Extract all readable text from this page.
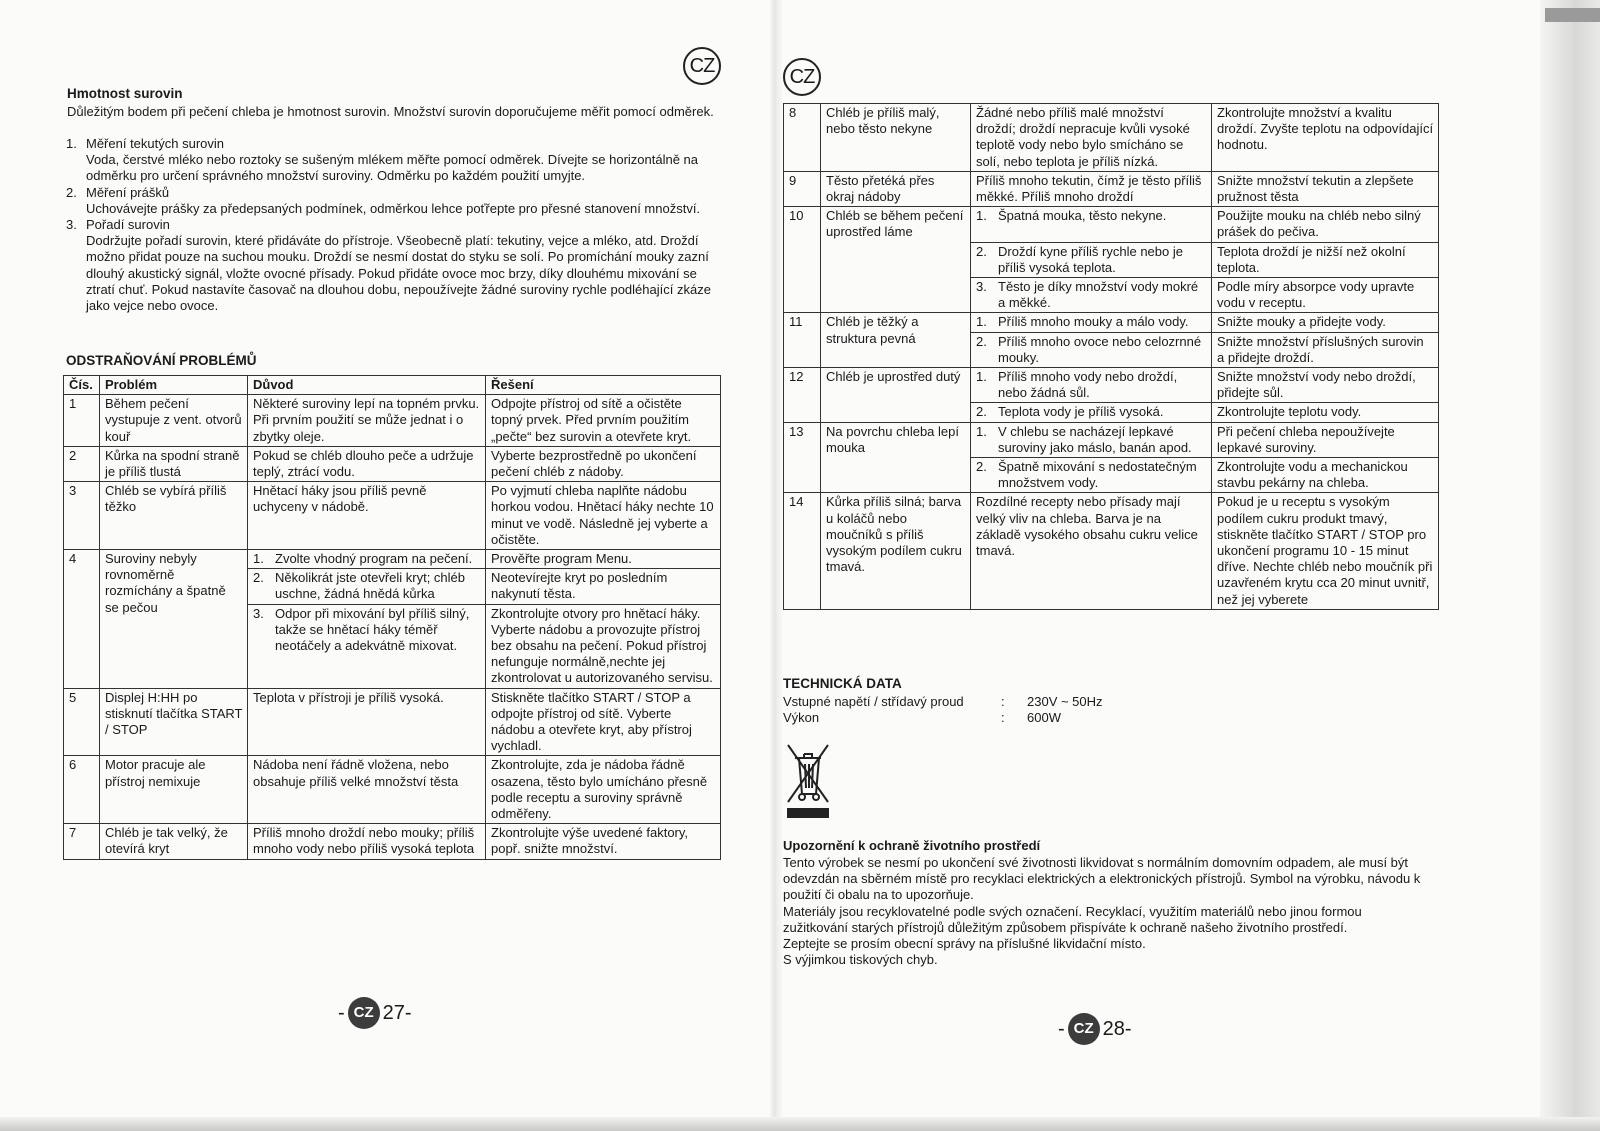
CZ
Hmotnost surovin
Důležitým bodem při pečení chleba je hmotnost surovin. Množství surovin doporučujeme měřit pomocí odměrek.
1. Měření tekutých surovin
Voda, čerstvé mléko nebo roztoky se sušeným mlékem měřte pomocí odměrek. Dívejte se horizontálně na odměrku pro určení správného množství suroviny. Odměrku po každém použití umyjte.
2. Měření prášků
Uchovávejte prášky za předepsaných podmínek, odměrkou lehce poťřepte pro přesné stanovení množství.
3. Pořadí surovin
Dodržujte pořadí surovin, které přidáváte do přístroje. Všeobecně platí: tekutiny, vejce a mléko, atd. Droždí možno přidat pouze na suchou mouku. Droždí se nesmí dostat do styku se solí. Po promíchání mouky zazní dlouhý akustický signál, vložte ovocné přísady. Pokud přidáte ovoce moc brzy, díky dlouhému mixování se ztratí chuť. Pokud nastavíte časovač na dlouhou dobu, nepoužívejte žádné suroviny rychle podléhající zkáze jako vejce nebo ovoce.
ODSTRAŇOVÁNÍ PROBLÉMŮ
Čís.	Problém	Důvod	Řešení
1	Během pečení vystupuje z vent. otvorů kouř	Některé suroviny lepí na topném prvku. Při prvním použití se může jednat i o zbytky oleje.	Odpojte přístroj od sítě a očistěte topný prvek. Před prvním použitím „pečte“ bez surovin a otevřete kryt.
2	Kůrka na spodní straně je příliš tlustá	Pokud se chléb dlouho peče a udržuje teplý, ztrácí vodu.	Vyberte bezprostředně po ukončení pečení chléb z nádoby.
3	Chléb se vybírá příliš těžko	Hnětací háky jsou příliš pevně uchyceny v nádobě.	Po vyjmutí chleba naplňte nádobu horkou vodou. Hnětací háky nechte 10 minut ve vodě. Následně jej vyberte a očistěte.
4	Suroviny nebyly rovnoměrně rozmíchány a špatně se pečou	1. Zvolte vhodný program na pečení.	Prověřte program Menu.

		2. Několikrát jste otevřeli kryt; chléb uschne, žádná hnědá kůrka	Neotevírejte kryt po posledním nakynutí těsta.

		3. Odpor při mixování byl příliš silný, takže se hnětací háky téměř neotáčely a adekvátně mixovat.	Zkontrolujte otvory pro hnětací háky. Vyberte nádobu a provozujte přístroj bez obsahu na pečení. Pokud přístroj nefunguje normálně,nechte jej zkontrolovat u autorizovaného servisu.
5	Displej H:HH po stisknutí tlačítka START / STOP	Teplota v přístroji je příliš vysoká.	Stiskněte tlačítko START / STOP a odpojte přístroj od sítě. Vyberte nádobu a otevřete kryt, aby přístroj vychladl.
6	Motor pracuje ale přístroj nemixuje	Nádoba není řádně vložena, nebo obsahuje příliš velké množství těsta	Zkontrolujte, zda je nádoba řádně osazena, těsto bylo umícháno přesně podle receptu a suroviny správně odměřeny.
7	Chléb je tak velký, že otevírá kryt	Příliš mnoho droždí nebo mouky; příliš mnoho vody nebo příliš vysoká teplota	Zkontrolujte výše uvedené faktory, popř. snižte množství.
- CZ 27 -
CZ
8	Chléb je příliš malý, nebo těsto nekyne	Žádné nebo příliš malé množství droždí; droždí nepracuje kvůli vysoké teplotě vody nebo bylo smícháno se solí, nebo teplota je příliš nízká.	Zkontrolujte množství a kvalitu droždí. Zvyšte teplotu na odpovídající hodnotu.
9	Těsto přetéká přes okraj nádoby	Příliš mnoho tekutin, čímž je těsto příliš měkké. Příliš mnoho droždí	Snižte množství tekutin a zlepšete pružnost těsta
10	Chléb se během pečení uprostřed láme	1. Špatná mouka, těsto nekyne.	Použijte mouku na chléb nebo silný prášek do pečiva.

		2. Droždí kyne příliš rychle nebo je příliš vysoká teplota.	Teplota droždí je nižší než okolní teplota.

		3. Těsto je díky množství vody mokré a měkké.	Podle míry absorpce vody upravte vodu v receptu.
11	Chléb je těžký a struktura pevná	1. Příliš mnoho mouky a málo vody.	Snižte mouky a přidejte vody.

		2. Příliš mnoho ovoce nebo celozrnné mouky.	Snižte množství příslušných surovin a přidejte droždí.
12	Chléb je uprostřed dutý	1. Příliš mnoho vody nebo droždí, nebo žádná sůl.	Snižte množství vody nebo droždí, přidejte sůl.

		2. Teplota vody je příliš vysoká.	Zkontrolujte teplotu vody.
13	Na povrchu chleba lepí mouka	1. V chlebu se nacházejí lepkavé suroviny jako máslo, banán apod.	Při pečení chleba nepoužívejte lepkavé suroviny.

		2. Špatně mixování s nedostatečným množstvem vody.	Zkontrolujte vodu a mechanickou stavbu pekárny na chleba.
14	Kůrka příliš silná; barva u koláčů nebo moučníků s příliš vysokým podílem cukru tmavá.	Rozdílné recepty nebo přísady mají velký vliv na chleba. Barva je na základě vysokého obsahu cukru velice tmavá.	Pokud je u receptu s vysokým podílem cukru produkt tmavý, stiskněte tlačítko START / STOP pro ukončení programu 10 - 15 minut dříve. Nechte chléb nebo moučník při uzavřeném krytu cca 20 minut uvnitř, než jej vyberete
TECHNICKÁ DATA
Vstupné napětí / střídavý proud	:	230V ~ 50Hz
Výkon	:	600W
Upozornění k ochraně životního prostředí
Tento výrobek se nesmí po ukončení své životnosti likvidovat s normálním domovním odpadem, ale musí být odevzdán na sběrném místě pro recyklaci elektrických a elektronických přístrojů. Symbol na výrobku, návodu k použití či obalu na to upozorňuje.
Materiály jsou recyklovatelné podle svých označení. Recyklací, využitím materiálů nebo jinou formou zužitkování starých přístrojů důležitým způsobem přispíváte k ochraně našeho životního prostředí.
Zeptejte se prosím obecní správy na příslušné likvidační místo.
S výjimkou tiskových chyb.
- CZ 28 -
